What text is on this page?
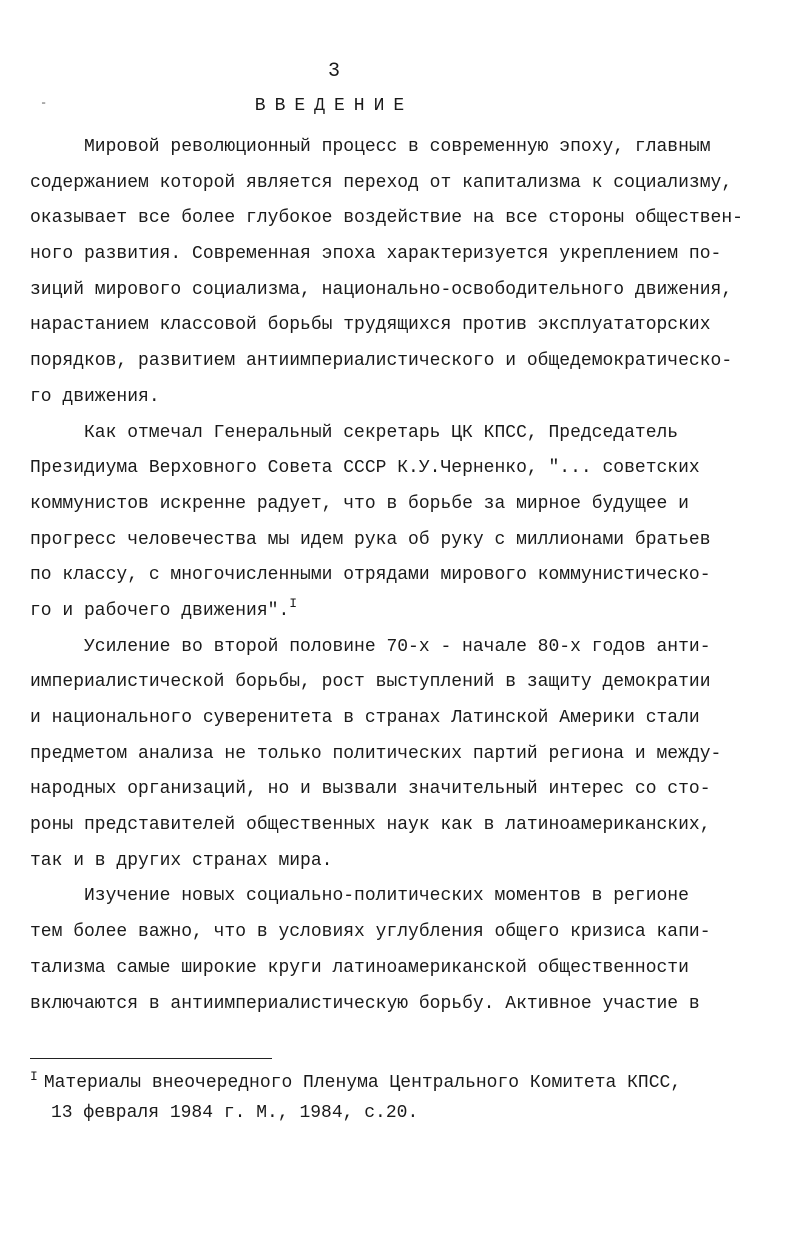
3
-	ВВЕДЕНИЕ

Мировой революционный процесс в современную эпоху, главным
содержанием которой является переход от капитализма к социализму,
оказывает все более глубокое воздействие на все стороны обществен-
ного развития. Современная эпоха характеризуется укреплением по-
зиций мирового социализма, национально-освободительного движения,
нарастанием классовой борьбы трудящихся против эксплуататорских
порядков, развитием антиимпериалистического и общедемократическо-
го движения.

Как отмечал Генеральный секретарь ЦК КПСС, Председатель
Президиума Верховного Совета СССР К.У.Черненко, "... советских
коммунистов искренне радует, что в борьбе за мирное будущее и
прогресс человечества мы идем рука об руку с миллионами братьев
по классу, с многочисленными отрядами мирового коммунистическо-
го и рабочего движения".$^I$

Усиление во второй половине 70-х - начале 80-х годов анти-
империалистической борьбы, рост выступлений в защиту демократии
и национального суверенитета в странах Латинской Америки стали
предметом анализа не только политических партий региона и между-
народных организаций, но и вызвали значительный интерес со сто-
роны представителей общественных наук как в латиноамериканских,
так и в других странах мира.

Изучение новых социально-политических моментов в регионе
тем более важно, что в условиях углубления общего кризиса капи-
тализма самые широкие круги латиноамериканской общественности
включаются в антиимпериалистическую борьбу. Активное участие в

$^I$ Материалы внеочередного Пленума Центрального Комитета КПСС,
13 февраля 1984 г. М., 1984, с.20.
